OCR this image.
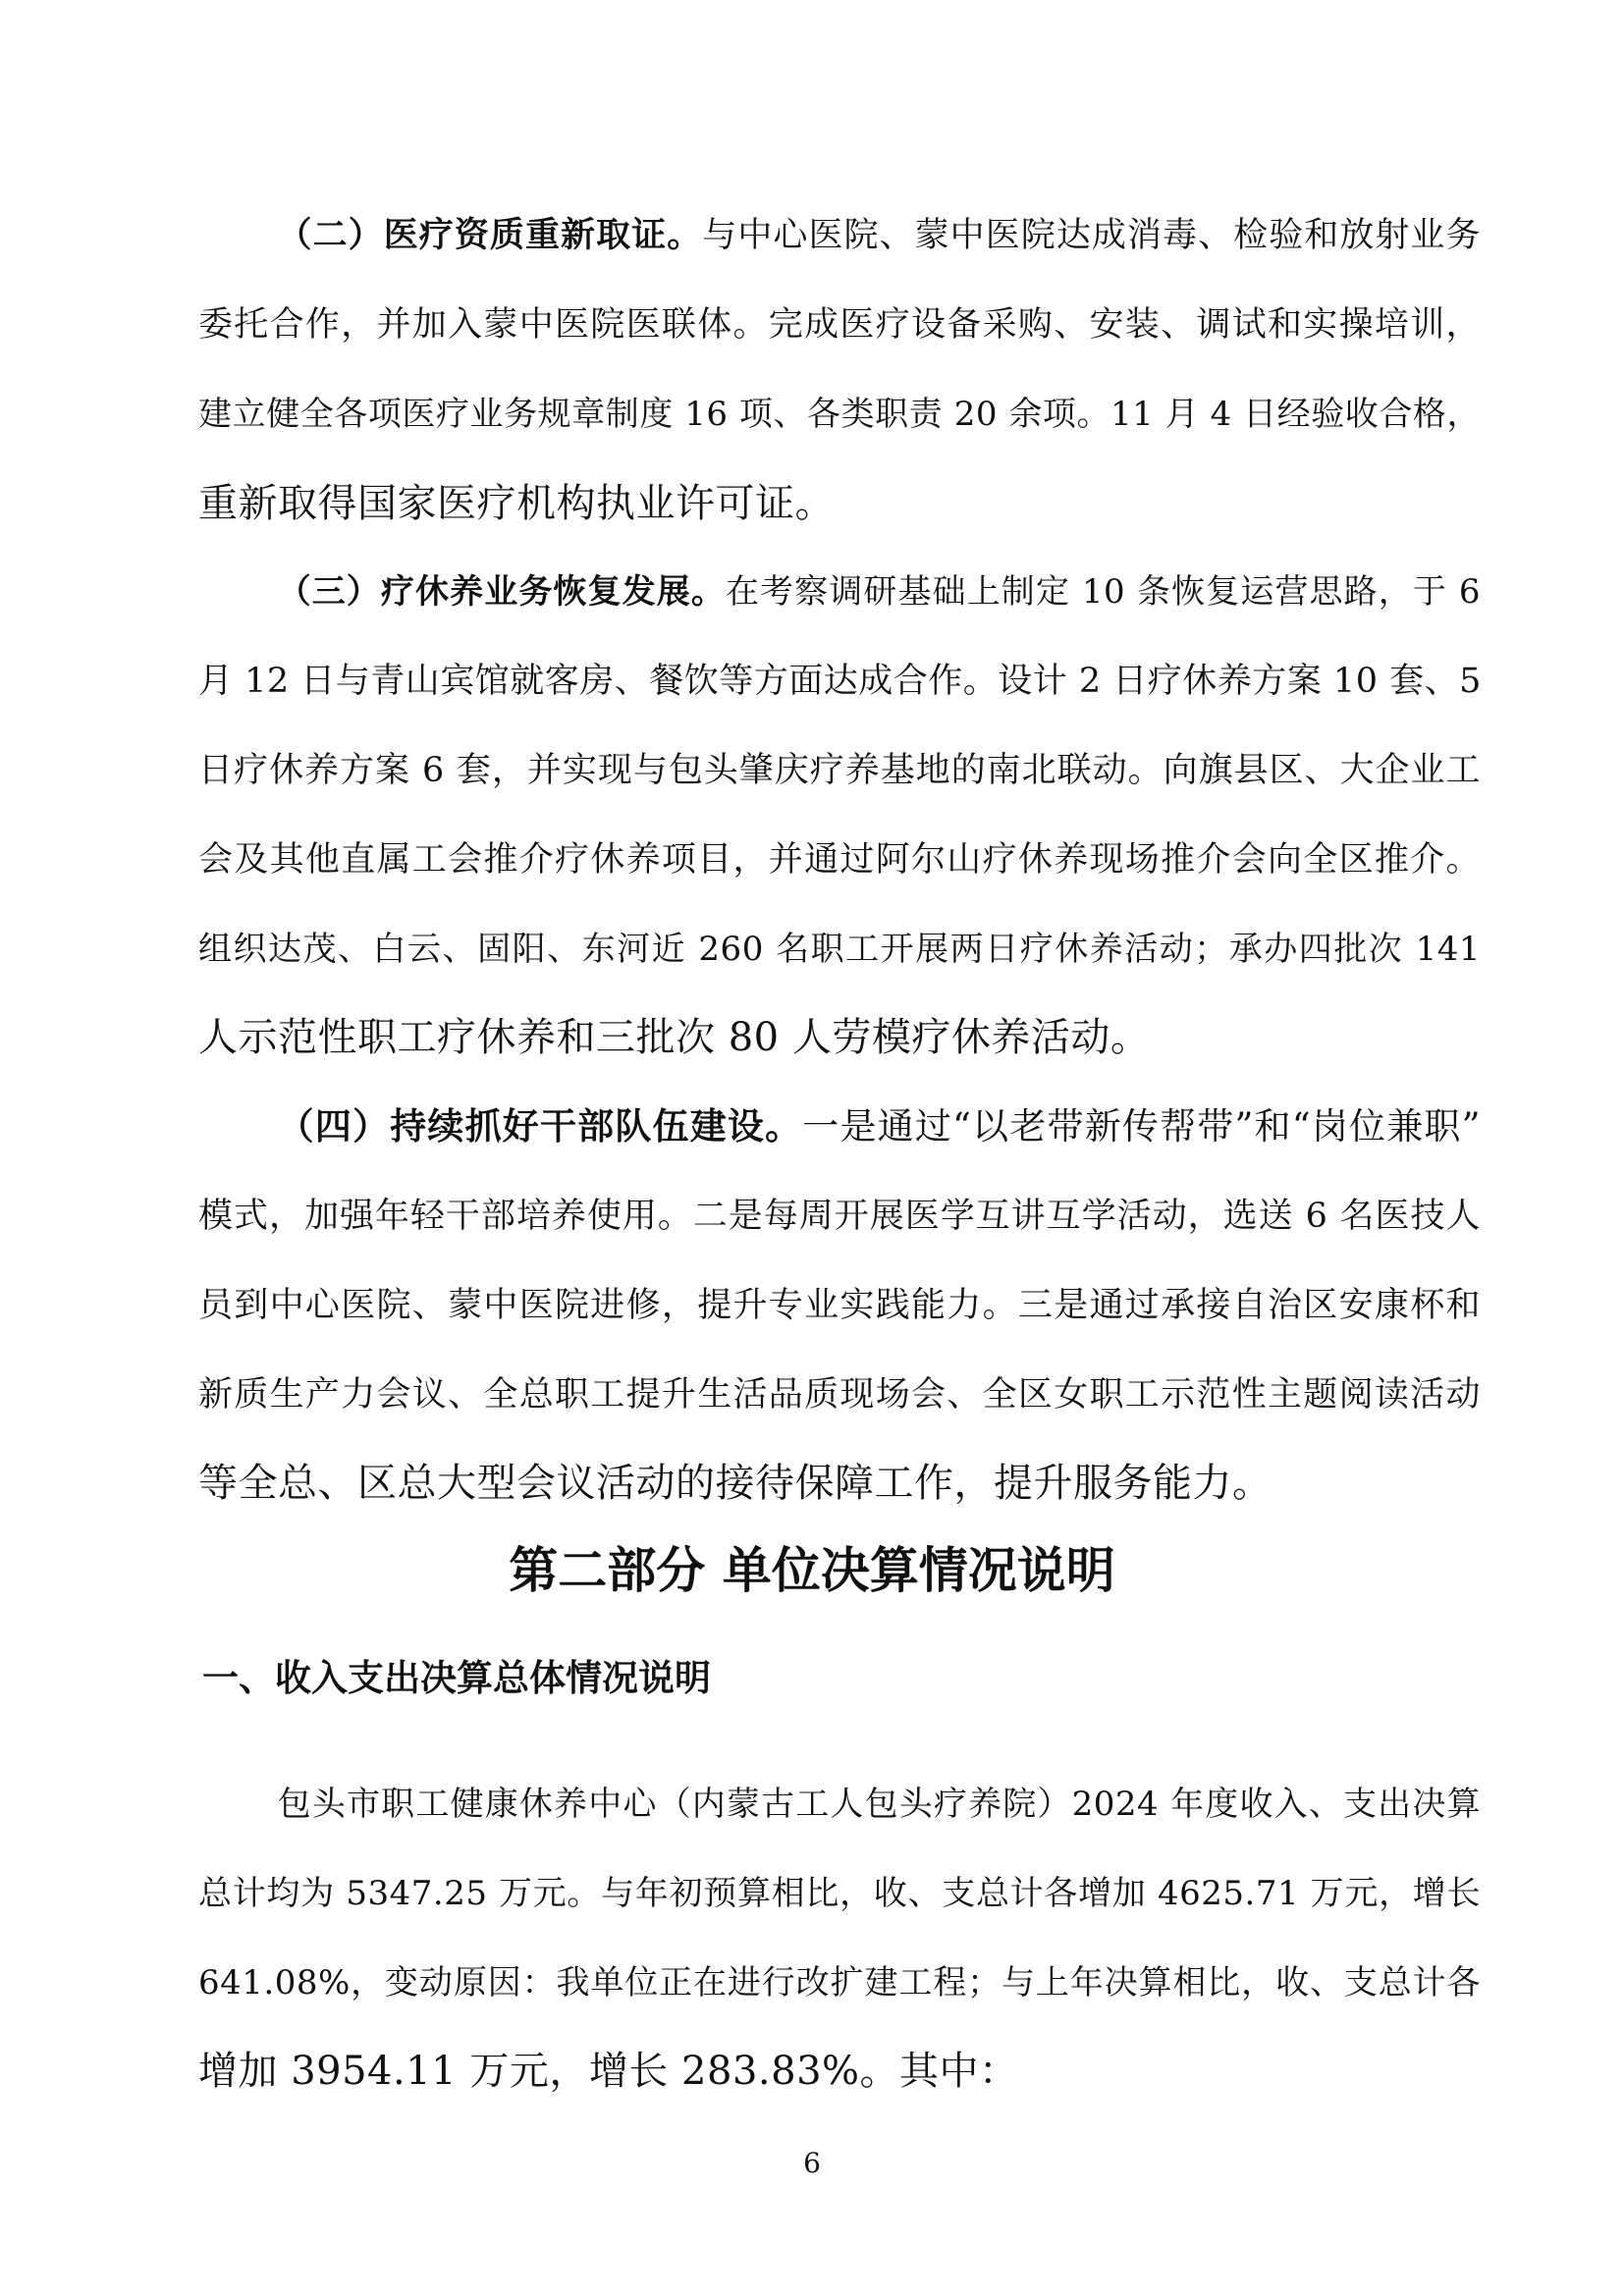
（二）医疗资质重新取证。与中心医院、蒙中医院达成消毒、检验和放射业务
委托合作，并加入蒙中医院医联体。完成医疗设备采购、安装、调试和实操培训，
建立健全各项医疗业务规章制度 16 项、各类职责 20 余项。11 月 4 日经验收合格，
重新取得国家医疗机构执业许可证。
（三）疗休养业务恢复发展。在考察调研基础上制定 10 条恢复运营思路，于 6
月 12 日与青山宾馆就客房、餐饮等方面达成合作。设计 2 日疗休养方案 10 套、5
日疗休养方案 6 套，并实现与包头肇庆疗养基地的南北联动。向旗县区、大企业工
会及其他直属工会推介疗休养项目，并通过阿尔山疗休养现场推介会向全区推介。
组织达茂、白云、固阳、东河近 260 名职工开展两日疗休养活动；承办四批次 141
人示范性职工疗休养和三批次 80 人劳模疗休养活动。
（四）持续抓好干部队伍建设。一是通过“以老带新传帮带”和“岗位兼职”
模式，加强年轻干部培养使用。二是每周开展医学互讲互学活动，选送 6 名医技人
员到中心医院、蒙中医院进修，提升专业实践能力。三是通过承接自治区安康杯和
新质生产力会议、全总职工提升生活品质现场会、全区女职工示范性主题阅读活动
等全总、区总大型会议活动的接待保障工作，提升服务能力。
第二部分 单位决算情况说明
一、收入支出决算总体情况说明
包头市职工健康休养中心（内蒙古工人包头疗养院）2024 年度收入、支出决算
总计均为 5347.25 万元。与年初预算相比，收、支总计各增加 4625.71 万元，增长
641.08%，变动原因：我单位正在进行改扩建工程；与上年决算相比，收、支总计各
增加 3954.11 万元，增长 283.83%。其中：
6
